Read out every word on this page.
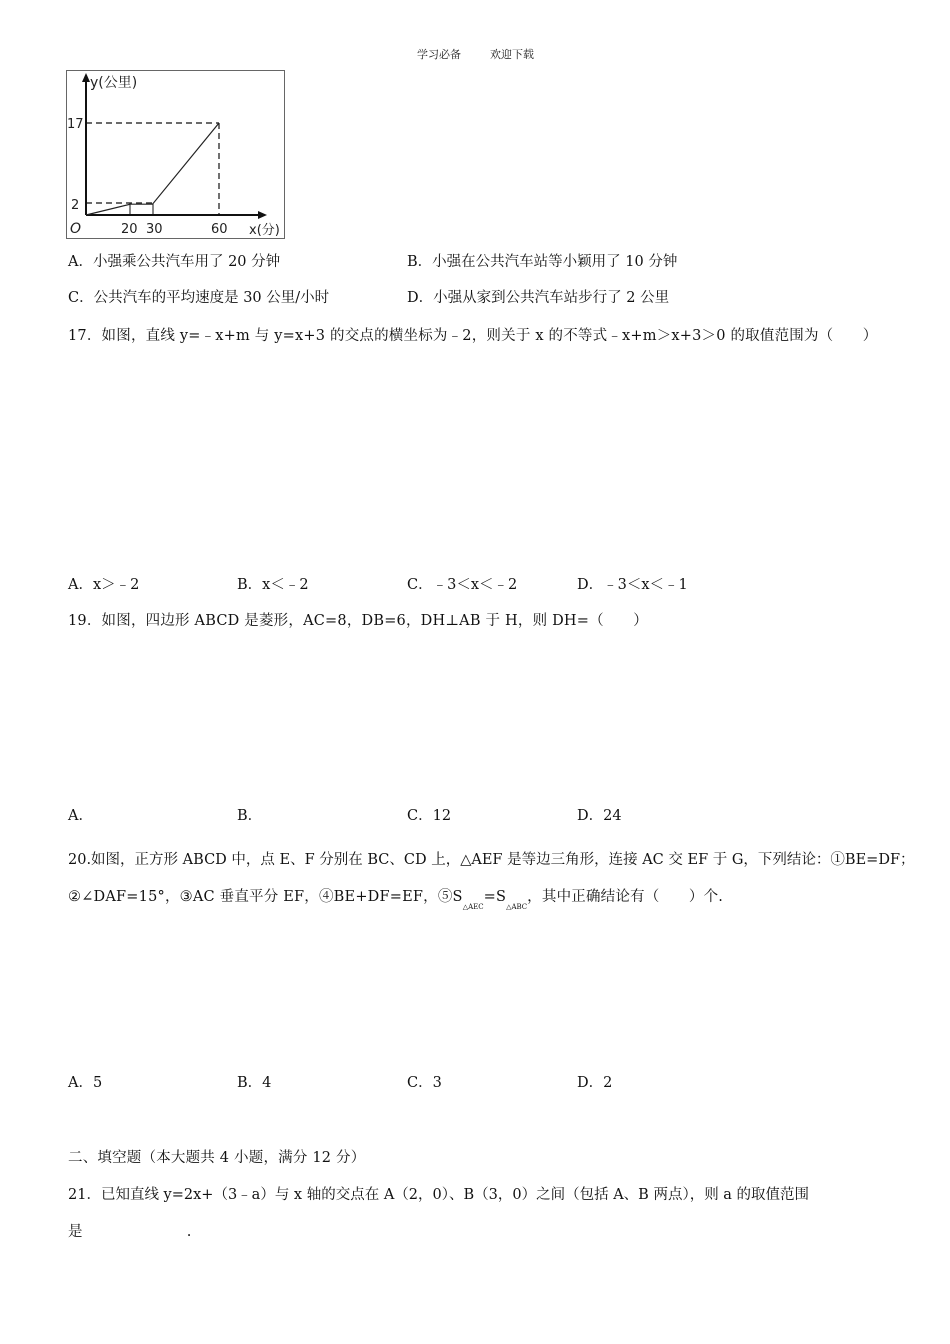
学习必备	欢迎下载
y(公里)
17
2
O	20 30	60 x(分)
A．小强乘公共汽车用了 20 分钟	B．小强在公共汽车站等小颖用了 10 分钟
C．公共汽车的平均速度是 30 公里/小时	D．小强从家到公共汽车站步行了 2 公里
17．如图，直线 y=﹣x+m 与 y=x+3 的交点的横坐标为﹣2，则关于 x 的不等式﹣x+m＞x+3＞0 的取值范围为（　　）
A．x＞﹣2	B．x＜﹣2	C．﹣3＜x＜﹣2	D．﹣3＜x＜﹣1
19．如图，四边形 ABCD 是菱形，AC=8，DB=6，DH⊥AB 于 H，则 DH=（　　）
A．	B．	C．12	D．24
20.如图，正方形 ABCD 中，点 E、F 分别在 BC、CD 上，△AEF 是等边三角形，连接 AC 交 EF 于 G，下列结论：①BE=DF；
②∠DAF=15°，③AC 垂直平分 EF，④BE+DF=EF，$⑤S_{\triangle AEC}=S_{\triangle ABC}$，其中正确结论有（　　）个.
A．5	B．4	C．3	D．2
二、填空题（本大题共 4 小题，满分 12 分）
21．已知直线 y=2x+（3﹣a）与 x 轴的交点在 A（2，0）、B（3，0）之间（包括 A、B 两点），则 a 的取值范围
是	.
